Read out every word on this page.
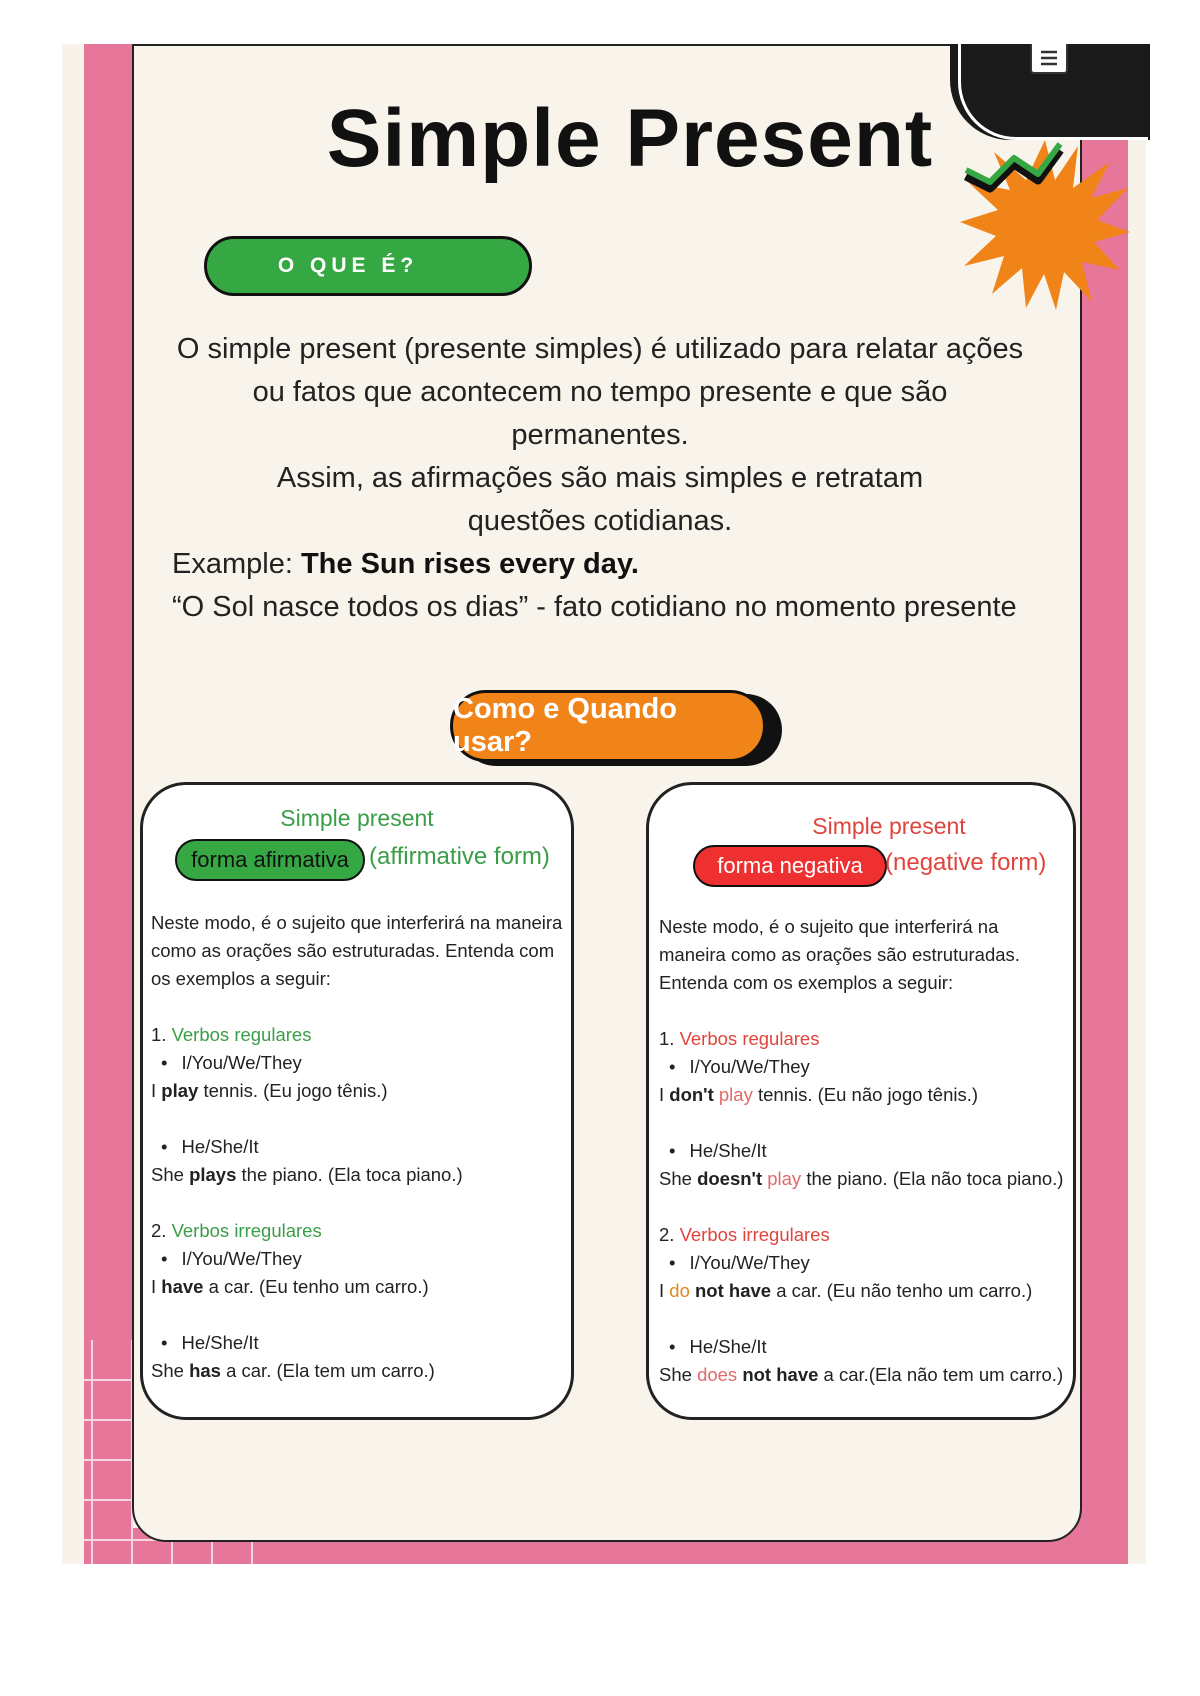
Simple Present
O QUE É?
O simple present (presente simples) é utilizado para relatar ações ou fatos que acontecem no tempo presente e que são permanentes.
Assim, as afirmações são mais simples e retratam questões cotidianas.
Example: The Sun rises every day.
“O Sol nasce todos os dias” - fato cotidiano no momento presente
Como e Quando usar?
Simple present
forma afirmativa (affirmative form)

Neste modo, é o sujeito que interferirá na maneira como as orações são estruturadas. Entenda com os exemplos a seguir:

1. Verbos regulares

• I/You/We/They

I play tennis. (Eu jogo tênis.)

• He/She/It

She plays the piano. (Ela toca piano.)

2. Verbos irregulares

• I/You/We/They

I have a car. (Eu tenho um carro.)

• He/She/It

She has a car. (Ela tem um carro.)

Simple present
forma negativa (negative form)

Neste modo, é o sujeito que interferirá na maneira como as orações são estruturadas. Entenda com os exemplos a seguir:

1. Verbos regulares

• I/You/We/They

I don't play tennis. (Eu não jogo tênis.)

• He/She/It

She doesn't play the piano. (Ela não toca piano.)

2. Verbos irregulares

• I/You/We/They

I do not have a car. (Eu não tenho um carro.)

• He/She/It

She does not have a car.(Ela não tem um carro.)
